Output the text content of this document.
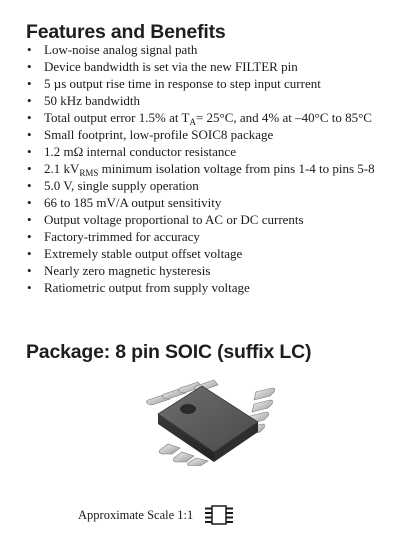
Features and Benefits
• Low-noise analog signal path
• Device bandwidth is set via the new FILTER pin
• 5 µs output rise time in response to step input current
• 50 kHz bandwidth
• Total output error 1.5% at $T_A= 25^\circ C$, and 4% at –40°C to 85°C
• Small footprint, low-profile SOIC8 package
• 1.2 mΩ internal conductor resistance
• 2.1 $kV_{RMS}$ minimum isolation voltage from pins 1-4 to pins 5-8
• 5.0 V, single supply operation
• 66 to 185 mV/A output sensitivity
• Output voltage proportional to AC or DC currents
• Factory-trimmed for accuracy
• Extremely stable output offset voltage
• Nearly zero magnetic hysteresis
• Ratiometric output from supply voltage
Package: 8 pin SOIC (suffix LC)
Approximate Scale 1:1
